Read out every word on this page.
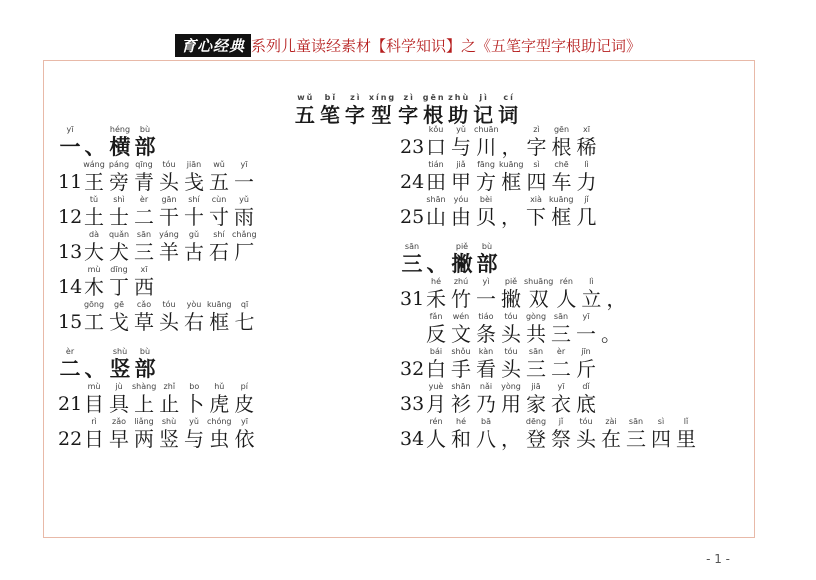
育心经典 系列儿童读经素材【科学知识】之《五笔字型字根助记词》
wǔ
五
bǐ
笔
zì
字
xíng
型
zì
字
gēn
根
zhù
助
jì
记
cí
词
yī
一 、
héng
横
bù
部
11
wáng
王
páng
旁
qīng
青
tóu
头
jiān
戋
wǔ
五
yī
一
12
tǔ
土
shì
士
èr
二
gān
干
shí
十
cùn
寸
yǔ
雨
13
dà
大
quǎn
犬
sān
三
yáng
羊
gǔ
古
shí
石
chǎng
厂
14
mù
木
dīng
丁
xī
西
15
gōng
工
gē
戈
cǎo
草
tóu
头
yòu
右
kuāng
框
qī
七
èr
二 、
shù
竖
bù
部
21
mù
目
jù
具
shàng
上
zhǐ
止
bo
卜
hǔ
虎
pí
皮
22
rì
日
zǎo
早
liǎng
两
shù
竖
yǔ
与
chóng
虫
yī
依
23
kǒu
口
yǔ
与
chuān
川 ，
zì
字
gēn
根
xī
稀
24
tián
田
jiǎ
甲
fāng
方
kuāng
框
sì
四
chē
车
lì
力
25
shān
山
yóu
由
bèi
贝 ，
xià
下
kuāng
框
jǐ
几
sān
三 、
piě
撇
bù
部
31
hé
禾
zhú
竹
yì
一
piě
撇
shuāng
双
rén
人
lì
立 ，
fǎn
反
wén
文
tiáo
条
tóu
头
gòng
共
sān
三
yī
一 。
32
bái
白
shǒu
手
kàn
看
tóu
头
sān
三
èr
二
jīn
斤
33
yuè
月
shān
衫
nǎi
乃
yòng
用
jiā
家
yī
衣
dǐ
底
34
rén
人
hé
和
bā
八 ，
dēng
登
jǐ
祭
tóu
头
zài
在
sān
三
sì
四
lǐ
里
- 1 -
